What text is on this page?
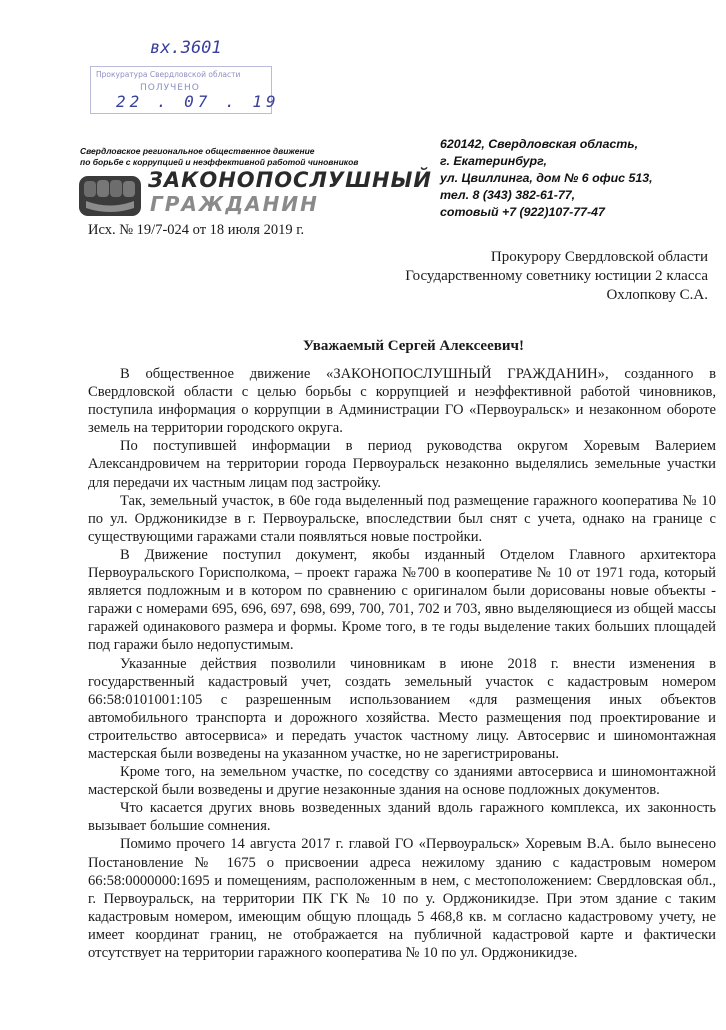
вх.3601
Прокуратура Свердловской области
ПОЛУЧЕНО
22 . 07 . 19
Свердловское региональное общественное движение
по борьбе с коррупцией и неэффективной работой чиновников
ЗАКОНОПОСЛУШНЫЙ
ГРАЖДАНИН
620142, Свердловская область,
г. Екатеринбург,
ул. Цвиллинга, дом № 6 офис 513,
тел. 8 (343) 382-61-77,
сотовый +7 (922)107-77-47
Исх. № 19/7-024 от 18 июля 2019 г.
Прокурору Свердловской области
Государственному советнику юстиции 2 класса
Охлопкову С.А.
Уважаемый Сергей Алексеевич!

В общественное движение «ЗАКОНОПОСЛУШНЫЙ ГРАЖДАНИН», созданного в Свердловской области с целью борьбы с коррупцией и неэффективной работой чиновников, поступила информация о коррупции в Администрации ГО «Первоуральск» и незаконном обороте земель на территории городского округа.

По поступившей информации в период руководства округом Хоревым Валерием Александровичем на территории города Первоуральск незаконно выделялись земельные участки для передачи их частным лицам под застройку.

Так, земельный участок, в 60е года выделенный под размещение гаражного кооператива № 10 по ул. Орджоникидзе в г. Первоуральске, впоследствии был снят с учета, однако на границе с существующими гаражами стали появляться новые постройки.

В Движение поступил документ, якобы изданный Отделом Главного архитектора Первоуральского Горисполкома, – проект гаража №700 в кооперативе № 10 от 1971 года, который является подложным и в котором по сравнению с оригиналом были дорисованы новые объекты - гаражи с номерами 695, 696, 697, 698, 699, 700, 701, 702 и 703, явно выделяющиеся из общей массы гаражей одинакового размера и формы. Кроме того, в те годы выделение таких больших площадей под гаражи было недопустимым.

Указанные действия позволили чиновникам в июне 2018 г. внести изменения в государственный кадастровый учет, создать земельный участок с кадастровым номером 66:58:0101001:105 с разрешенным использованием «для размещения иных объектов автомобильного транспорта и дорожного хозяйства. Место размещения под проектирование и строительство автосервиса» и передать участок частному лицу. Автосервис и шиномонтажная мастерская были возведены на указанном участке, но не зарегистрированы.

Кроме того, на земельном участке, по соседству со зданиями автосервиса и шиномонтажной мастерской были возведены и другие незаконные здания на основе подложных документов.

Что касается других вновь возведенных зданий вдоль гаражного комплекса, их законность вызывает большие сомнения.

Помимо прочего 14 августа 2017 г. главой ГО «Первоуральск» Хоревым В.А. было вынесено Постановление № 1675 о присвоении адреса нежилому зданию с кадастровым номером 66:58:0000000:1695 и помещениям, расположенным в нем, с местоположением: Свердловская обл., г. Первоуральск, на территории ПК ГК № 10 по у. Орджоникидзе. При этом здание с таким кадастровым номером, имеющим общую площадь 5 468,8 кв. м согласно кадастровому учету, не имеет координат границ, не отображается на публичной кадастровой карте и фактически отсутствует на территории гаражного кооператива № 10 по ул. Орджоникидзе.
